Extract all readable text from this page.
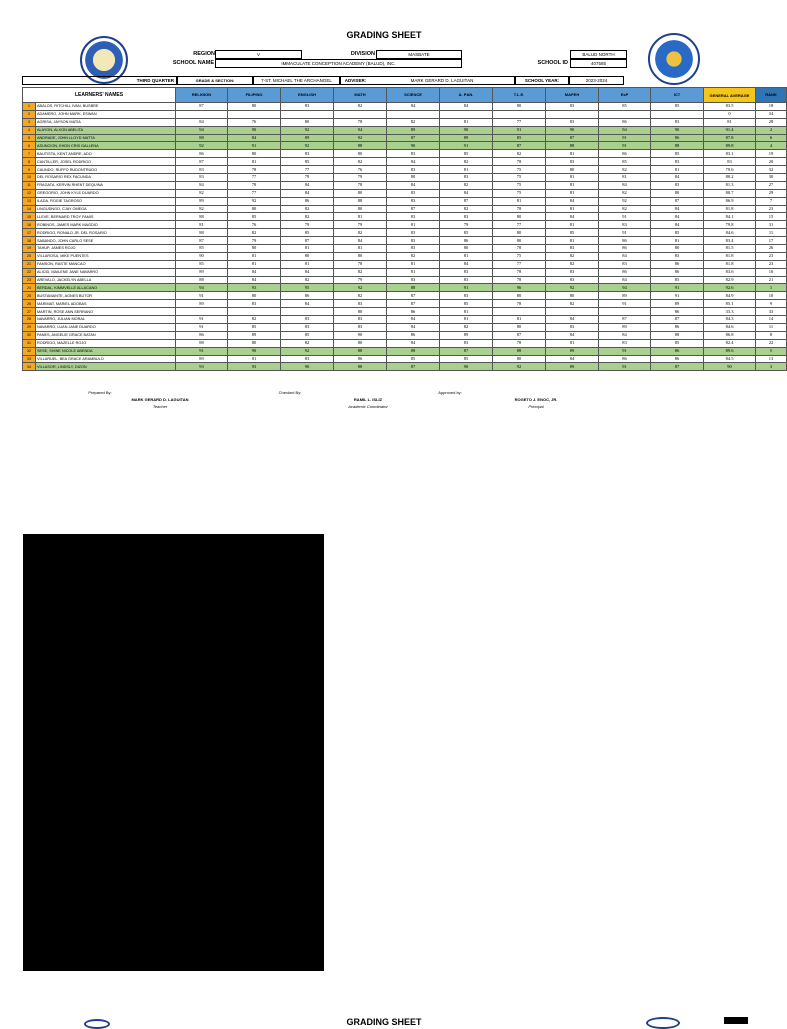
GRADING SHEET
REGION	V	DIVISION	MASBATE	BALUD NORTH
SCHOOL NAME	IMMACULATE CONCEPTION ACADEMY (BALUD), INC.	SCHOOL ID	407585
THIRD QUARTER	GRADE & SECTION:	7-ST. MICHAEL THE ARCHANGEL	ADVISER:	MARK GERARD D. LAGUITAN	SCHOOL YEAR:	2023-2024
LEARNERS' NAMES		RELIGION	FILIPINO	ENGLISH	MATH	SCIENCE	A. P&N.	T.L.E.	MAPEH	EsP	ICT	GENERAL AVERAGE	RANK
1	ABALOS, RITCHILL IVAN, BUSBRE	87	80	83	82	84	84	80	83	85	85	83.5	18
2	ADAMERO, JOHN MARK, ESWAN											0	34
3	AGRISA, JAYSON MATIA	84	76	80	78	82	81	77	83	86	83	81	28
4	ALAYON, ALXON ABELITA	94	90	92	94	89	90	91	90	94	90	91.4	2
5	ANDRADE, JOHN LLOYD MATTA	88	84	89	92	87	89	85	87	91	86	87.8	6
6	ASUNCION, EHDN CRIS GALLENA	92	91	92	88	90	91	87	88	91	88	89.8	4
7	BAUTISTA, KENT ANDRE, ADO	86	80	83	80	83	85	82	81	86	85	83.1	19
8	CANTILLER, JOSEL RODRIGO	87	81	85	82	84	82	78	83	85	83	83	20
9	CAUNDO, RUFFO RUDONTRUDO	83	78	77	76	83	81	75	80	82	81	79.6	32
10	DEL ROSARIO REX FACUNDA	83	77	79	79	80	83	75	81	81	84	80.2	30
11	FRAGATA, KERVIN RHENT DEQUINA	84	78	84	78	84	82	75	81	84	83	81.3	27
12	GREGORIO, JOHN KYLE DUARDO	82	77	84	80	83	84	75	81	82	80	80.7	29
13	ILADA, ROGIE TAGROSO	89	92	86	88	83	87	81	84	92	87	86.9	7
14	LINGUDNGO, CJAY OMEGA	82	80	82	80	87	82	78	81	82	84	81.8	23
15	LLEVE, BERNARD TROY FAMIS	88	85	82	81	83	83	80	84	91	84	84.1	15
16	ROBINOS, JAMES MARK MAGDIO	81	76	79	79	81	79	77	81	83	84	79.8	31
17	RODRIGO, RONALD JR. DEL ROSARIO	88	82	85	82	83	85	80	85	91	85	84.6	11
18	SABANDO, JOHN CARLO SESE	87	79	87	84	83	86	80	81	86	81	83.4	17
19	TAHUP, JAMES ROJO	85	80	81	81	83	80	78	83	86	80	81.5	26
20	VILLAROSA, MIKE PUENTES	90	81	80	80	82	81	75	82	84	83	81.8	23
21	FAMSON, RASTE MANCAO	85	81	81	78	81	84	77	82	83	86	81.8	23
22	ALICID, MAILENE JANE NAVARRO	89	84	84	82	81	83	78	83	86	86	83.6	16
23	AREVALO, JACKELYN ABELLA	88	84	82	79	83	83	78	83	84	85	82.9	21
24	BERDAL, KIMMVELLE ALLACANO	94	93	95	92	88	91	96	92	94	91	92.6	1
25	BUSTAMANTE, AGNES BUTOR	91	80	86	82	87	83	80	80	89	91	84.9	10
26	MARIMAT, MARIEL ADOBAS	89	83	84	83	87	85	78	82	91	89	85.1	9
27	MARTIN, ROSE ANN SERRANO				80	86	81				86	33.3	33
28	NAVARRO, JULIAN MORAL	91	82	83	83	84	81	81	84	87	87	84.3	14
29	NAVARRO, LUAN JANE DUARDO	91	85	83	83	84	82	80	83	89	86	84.6	11
30	PANES, ANGELIE GRACE BATAN	86	89	85	90	86	89	87	84	84	88	86.8	8
31	RODRIGO, MAZELLE ROJO	88	80	82	80	84	83	78	81	83	85	82.4	22
32	SESE, SHINE NICOLE ABENDA	91	90	92	88	88	87	88	89	91	86	89.6	5
33	VILLARUEL, BEA GRACE ARAMBULO	89	81	83	86	85	85	80	84	86	86	84.5	13
34	VILLASOR, LINDSLY, DIZON	93	93	90	88	87	90	92	89	91	87	90	3
Prepared By:
MARK GERARD D. LAGUITAN
Teacher
Checked By:
RAMIL L. ISLIZ
Academic Coordinator
Approved by:
ROGETO J. ENOC, JR.
Principal
GRADING SHEET
